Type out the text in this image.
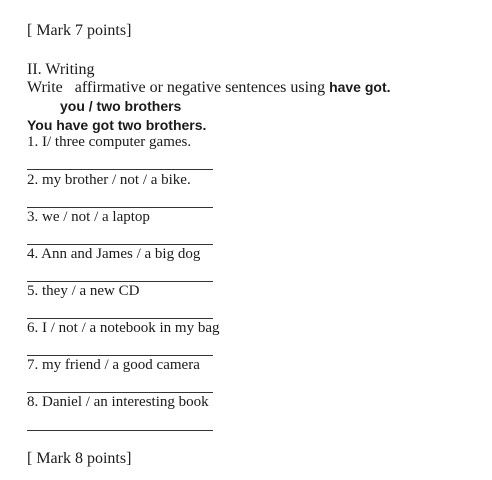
[ Mark 7 points]
II. Writing
Write   affirmative or negative sentences using have got.
you / two brothers
You have got two brothers.
1. I/ three computer games.
2. my brother / not / a bike.
3. we / not / a laptop
4. Ann and James / a big dog
5. they / a new CD
6. I / not / a notebook in my bag
7. my friend / a good camera
8. Daniel / an interesting book
[ Mark 8 points]
